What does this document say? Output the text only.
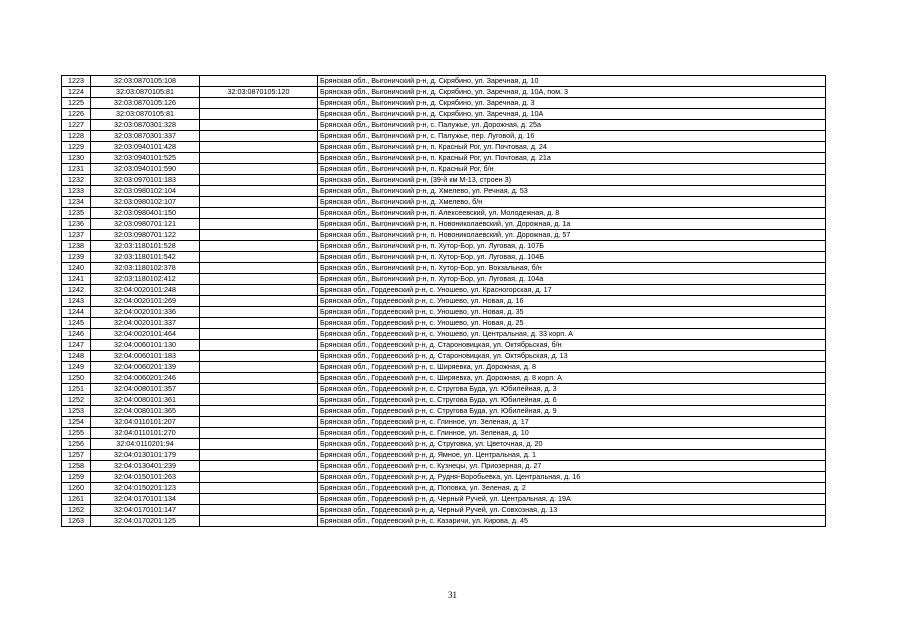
1223	32:03:0870105:108		Брянская обл., Выгоничский р-н, д. Скрябино, ул. Заречная, д. 10
1224	32:03:0870105:81	32:03:0870105:120	Брянская обл., Выгоничский р-н, д. Скрябино, ул. Заречная, д. 10А, пом. 3
1225	32:03:0870105:126		Брянская обл., Выгоничский р-н, д. Скрябино, ул. Заречная, д. 3
1226	32:03:0870105:81		Брянская обл., Выгоничский р-н, д. Скрябино, ул. Заречная, д. 10А
1227	32:03:0870301:328		Брянская обл., Выгоничский р-н, с. Палужье, ул. Дорожная, д. 25а
1228	32:03:0870301:337		Брянская обл., Выгоничский р-н, с. Палужье, пер. Луговой, д. 16
1229	32:03:0940101:428		Брянская обл., Выгоничский р-н, п. Красный Рог, ул. Почтовая, д. 24
1230	32:03:0940101:525		Брянская обл., Выгоничский р-н, п. Красный Рог, ул. Почтовая, д. 21а
1231	32:03:0940101:590		Брянская обл., Выгоничский р-н, п. Красный Рог, б/н
1232	32:03:0970101:183		Брянская обл., Выгоничский р-н, (39-й км М-13, строен 3)
1233	32:03:0980102:104		Брянская обл., Выгоничский р-н, д. Хмелево, ул. Речная, д. 53
1234	32:03:0980102:107		Брянская обл., Выгоничский р-н, д. Хмелево, б/н
1235	32:03:0980401:150		Брянская обл., Выгоничский р-н, п. Алексеевский, ул. Молодежная, д. 8
1236	32:03:0980701:121		Брянская обл., Выгоничский р-н, п. Новониколаевский, ул. Дорожная, д. 1а
1237	32:03:0980701:122		Брянская обл., Выгоничский р-н, п. Новониколаевский, ул. Дорожная, д. 57
1238	32:03:1180101:528		Брянская обл., Выгоничский р-н, п. Хутор-Бор, ул. Луговая, д. 107Б
1239	32:03:1180101:542		Брянская обл., Выгоничский р-н, п. Хутор-Бор, ул. Луговая, д. 104Б
1240	32:03:1180102:378		Брянская обл., Выгоничский р-н, п. Хутор-Бор, ул. Вокзальная, б/н
1241	32:03:1180102:412		Брянская обл., Выгоничский р-н, п. Хутор-Бор, ул. Луговая, д. 104а
1242	32:04:0020101:248		Брянская обл., Гордеевский р-н, с. Уношево, ул. Красногорская, д. 17
1243	32:04:0020101:269		Брянская обл., Гордеевский р-н, с. Уношево, ул. Новая, д. 16
1244	32:04:0020101:336		Брянская обл., Гордеевский р-н, с. Уношево, ул. Новая, д. 35
1245	32:04:0020101:337		Брянская обл., Гордеевский р-н, с. Уношево, ул. Новая, д. 25
1246	32:04:0020101:464		Брянская обл., Гордеевский р-н, с. Уношево, ул. Центральная, д. 33 корп. А
1247	32:04:0060101:130		Брянская обл., Гордеевский р-н, д. Староновицкая, ул. Октябрьская, б/н
1248	32:04:0060101:183		Брянская обл., Гордеевский р-н, д. Староновицкая, ул. Октябрьская, д. 13
1249	32:04:0060201:139		Брянская обл., Гордеевский р-н, с. Ширяевка, ул. Дорожная, д. 8
1250	32:04:0060201:246		Брянская обл., Гордеевский р-н, с. Ширяевка, ул. Дорожная, д. 8 корп. А
1251	32:04:0080101:357		Брянская обл., Гордеевский р-н, с. Стругова Буда, ул. Юбилейная, д. 3
1252	32:04:0080101:361		Брянская обл., Гордеевский р-н, с. Стругова Буда, ул. Юбилейная, д. 6
1253	32:04:0080101:365		Брянская обл., Гордеевский р-н, с. Стругова Буда, ул. Юбилейная, д. 9
1254	32:04:0110101:207		Брянская обл., Гордеевский р-н, с. Глинное, ул. Зеленая, д. 17
1255	32:04:0110101:270		Брянская обл., Гордеевский р-н, с. Глинное, ул. Зеленая, д. 10
1256	32:04:0110201:94		Брянская обл., Гордеевский р-н, д. Струговка, ул. Цветочная, д. 20
1257	32:04:0130101:179		Брянская обл., Гордеевский р-н, д. Ямное, ул. Центральная, д. 1
1258	32:04:0130401:239		Брянская обл., Гордеевский р-н, с. Кузнецы, ул. Приозерная, д. 27
1259	32:04:0150101:263		Брянская обл., Гордеевский р-н, д. Рудня-Воробьевка, ул. Центральная, д. 16
1260	32:04:0150201:123		Брянская обл., Гордеевский р-н, д. Поповка, ул. Зеленая, д. 2
1261	32:04:0170101:134		Брянская обл., Гордеевский р-н, д. Черный Ручей, ул. Центральная, д. 19А
1262	32:04:0170101:147		Брянская обл., Гордеевский р-н, д. Черный Ручей, ул. Совхозная, д. 13
1263	32:04:0170201:125		Брянская обл., Гордеевский р-н, с. Казаричи, ул. Кирова, д. 45
31
